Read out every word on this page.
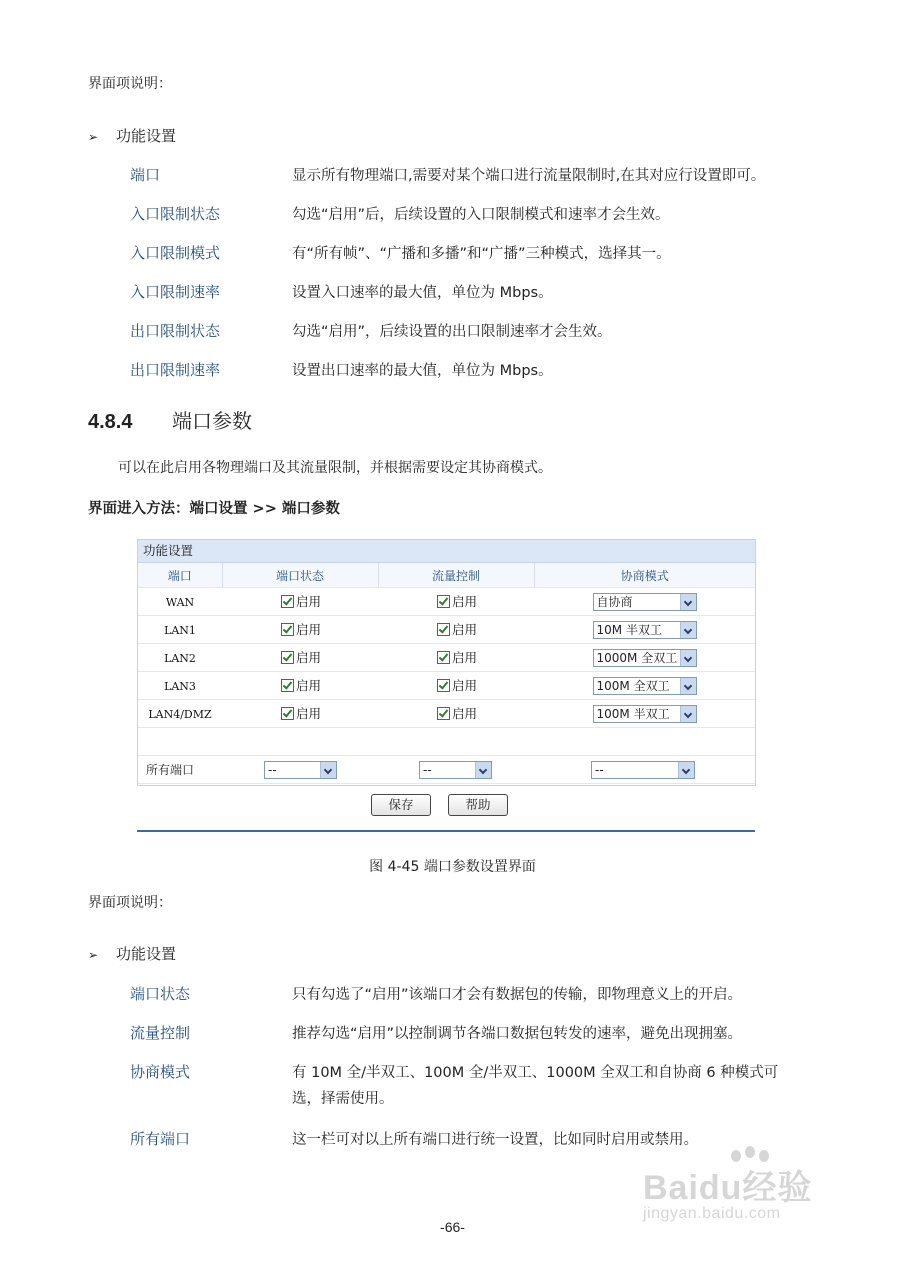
界面项说明：
➢ 功能设置
端口	显示所有物理端口,需要对某个端口进行流量限制时,在其对应行设置即可。
入口限制状态	勾选“启用”后，后续设置的入口限制模式和速率才会生效。
入口限制模式	有“所有帧”、“广播和多播”和“广播”三种模式，选择其一。
入口限制速率	设置入口速率的最大值，单位为 Mbps。
出口限制状态	勾选“启用”，后续设置的出口限制速率才会生效。
出口限制速率	设置出口速率的最大值，单位为 Mbps。
4.8.4 端口参数
可以在此启用各物理端口及其流量限制，并根据需要设定其协商模式。
界面进入方法：端口设置 >> 端口参数
功能设置
端口	端口状态	流量控制	协商模式
WAN	启用	启用	自协商

LAN1	启用	启用	10M 半双工

LAN2	启用	启用	1000M 全双工

LAN3	启用	启用	100M 全双工

LAN4/DMZ	启用	启用	100M 半双工

所有端口	--	--	--
保存	帮助
图 4-45 端口参数设置界面
界面项说明：
➢ 功能设置
端口状态	只有勾选了“启用”该端口才会有数据包的传输，即物理意义上的开启。
流量控制	推荐勾选“启用”以控制调节各端口数据包转发的速率，避免出现拥塞。
协商模式	有 10M 全/半双工、100M 全/半双工、1000M 全双工和自协商 6 种模式可
选，择需使用。
所有端口	这一栏可对以上所有端口进行统一设置，比如同时启用或禁用。
-66-
Baidu经验
jingyan.baidu.com
